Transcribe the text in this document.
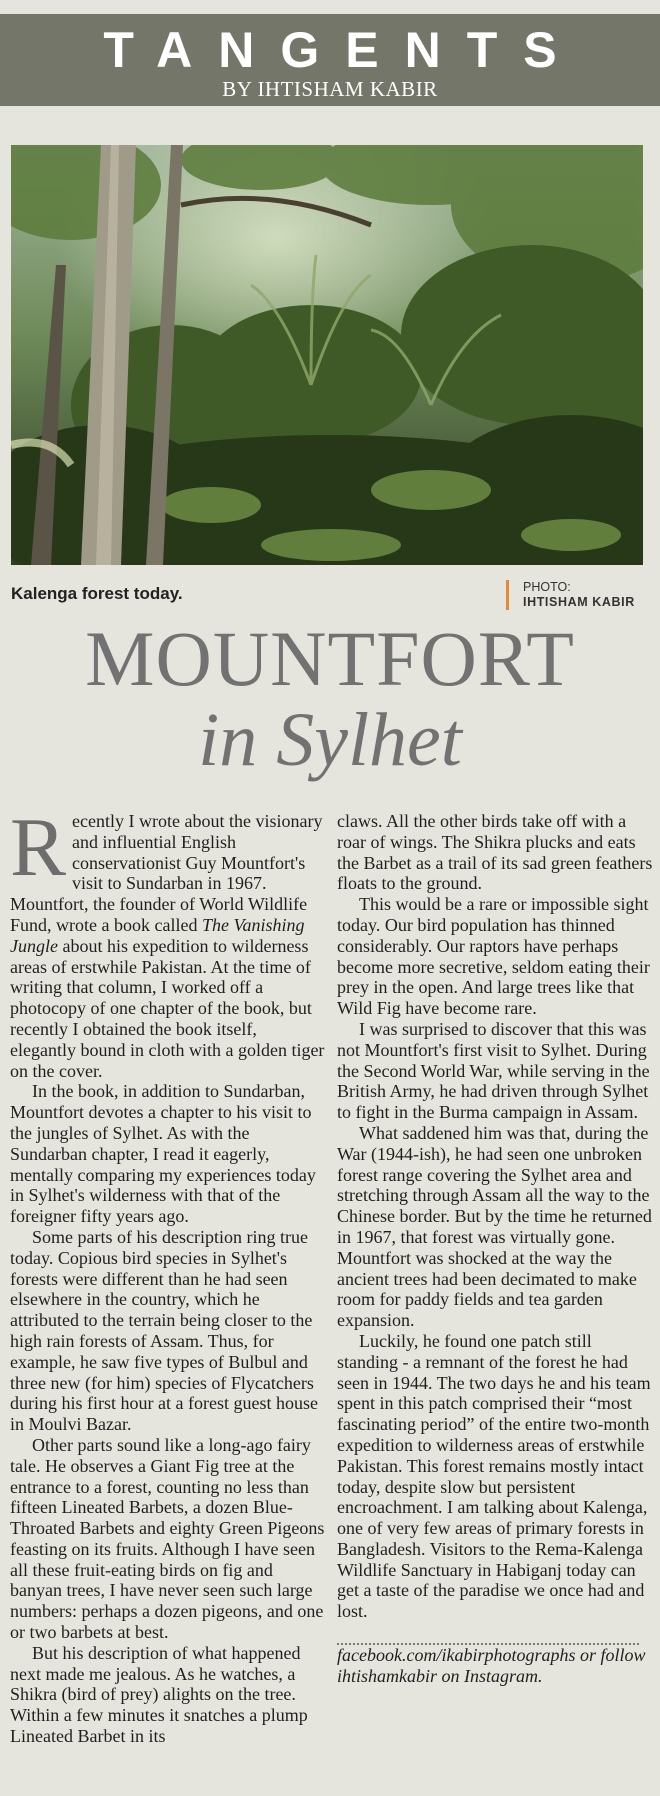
TANGENTS
BY IHTISHAM KABIR
Kalenga forest today.	PHOTO:
IHTISHAM KABIR
MOUNTFORT
in Sylhet

Recently I wrote about the visionary and influential English conservationist Guy Mountfort's visit to Sundarban in 1967. Mountfort, the founder of World Wildlife Fund, wrote a book called The Vanishing Jungle about his expedition to wilderness areas of erstwhile Pakistan. At the time of writing that column, I worked off a photocopy of one chapter of the book, but recently I obtained the book itself, elegantly bound in cloth with a golden tiger on the cover.

In the book, in addition to Sundarban, Mountfort devotes a chapter to his visit to the jungles of Sylhet. As with the Sundarban chapter, I read it eagerly, mentally comparing my experiences today in Sylhet's wilderness with that of the foreigner fifty years ago.

Some parts of his description ring true today. Copious bird species in Sylhet's forests were different than he had seen elsewhere in the country, which he attributed to the terrain being closer to the high rain forests of Assam. Thus, for example, he saw five types of Bulbul and three new (for him) species of Flycatchers during his first hour at a forest guest house in Moulvi Bazar.

Other parts sound like a long-ago fairy tale. He observes a Giant Fig tree at the entrance to a forest, counting no less than fifteen Lineated Barbets, a dozen Blue-Throated Barbets and eighty Green Pigeons feasting on its fruits. Although I have seen all these fruit-eating birds on fig and banyan trees, I have never seen such large numbers: perhaps a dozen pigeons, and one or two barbets at best.

But his description of what happened next made me jealous. As he watches, a Shikra (bird of prey) alights on the tree. Within a few minutes it snatches a plump Lineated Barbet in its

claws. All the other birds take off with a roar of wings. The Shikra plucks and eats the Barbet as a trail of its sad green feathers floats to the ground.

This would be a rare or impossible sight today. Our bird population has thinned considerably. Our raptors have perhaps become more secretive, seldom eating their prey in the open. And large trees like that Wild Fig have become rare.

I was surprised to discover that this was not Mountfort's first visit to Sylhet. During the Second World War, while serving in the British Army, he had driven through Sylhet to fight in the Burma campaign in Assam.

What saddened him was that, during the War (1944-ish), he had seen one unbroken forest range covering the Sylhet area and stretching through Assam all the way to the Chinese border. But by the time he returned in 1967, that forest was virtually gone. Mountfort was shocked at the way the ancient trees had been decimated to make room for paddy fields and tea garden expansion.

Luckily, he found one patch still standing - a remnant of the forest he had seen in 1944. The two days he and his team spent in this patch comprised their “most fascinating period” of the entire two-month expedition to wilderness areas of erstwhile Pakistan. This forest remains mostly intact today, despite slow but persistent encroachment. I am talking about Kalenga, one of very few areas of primary forests in Bangladesh. Visitors to the Rema-Kalenga Wildlife Sanctuary in Habiganj today can get a taste of the paradise we once had and lost.

facebook.com/ikabirphotographs or follow ihtishamkabir on Instagram.
